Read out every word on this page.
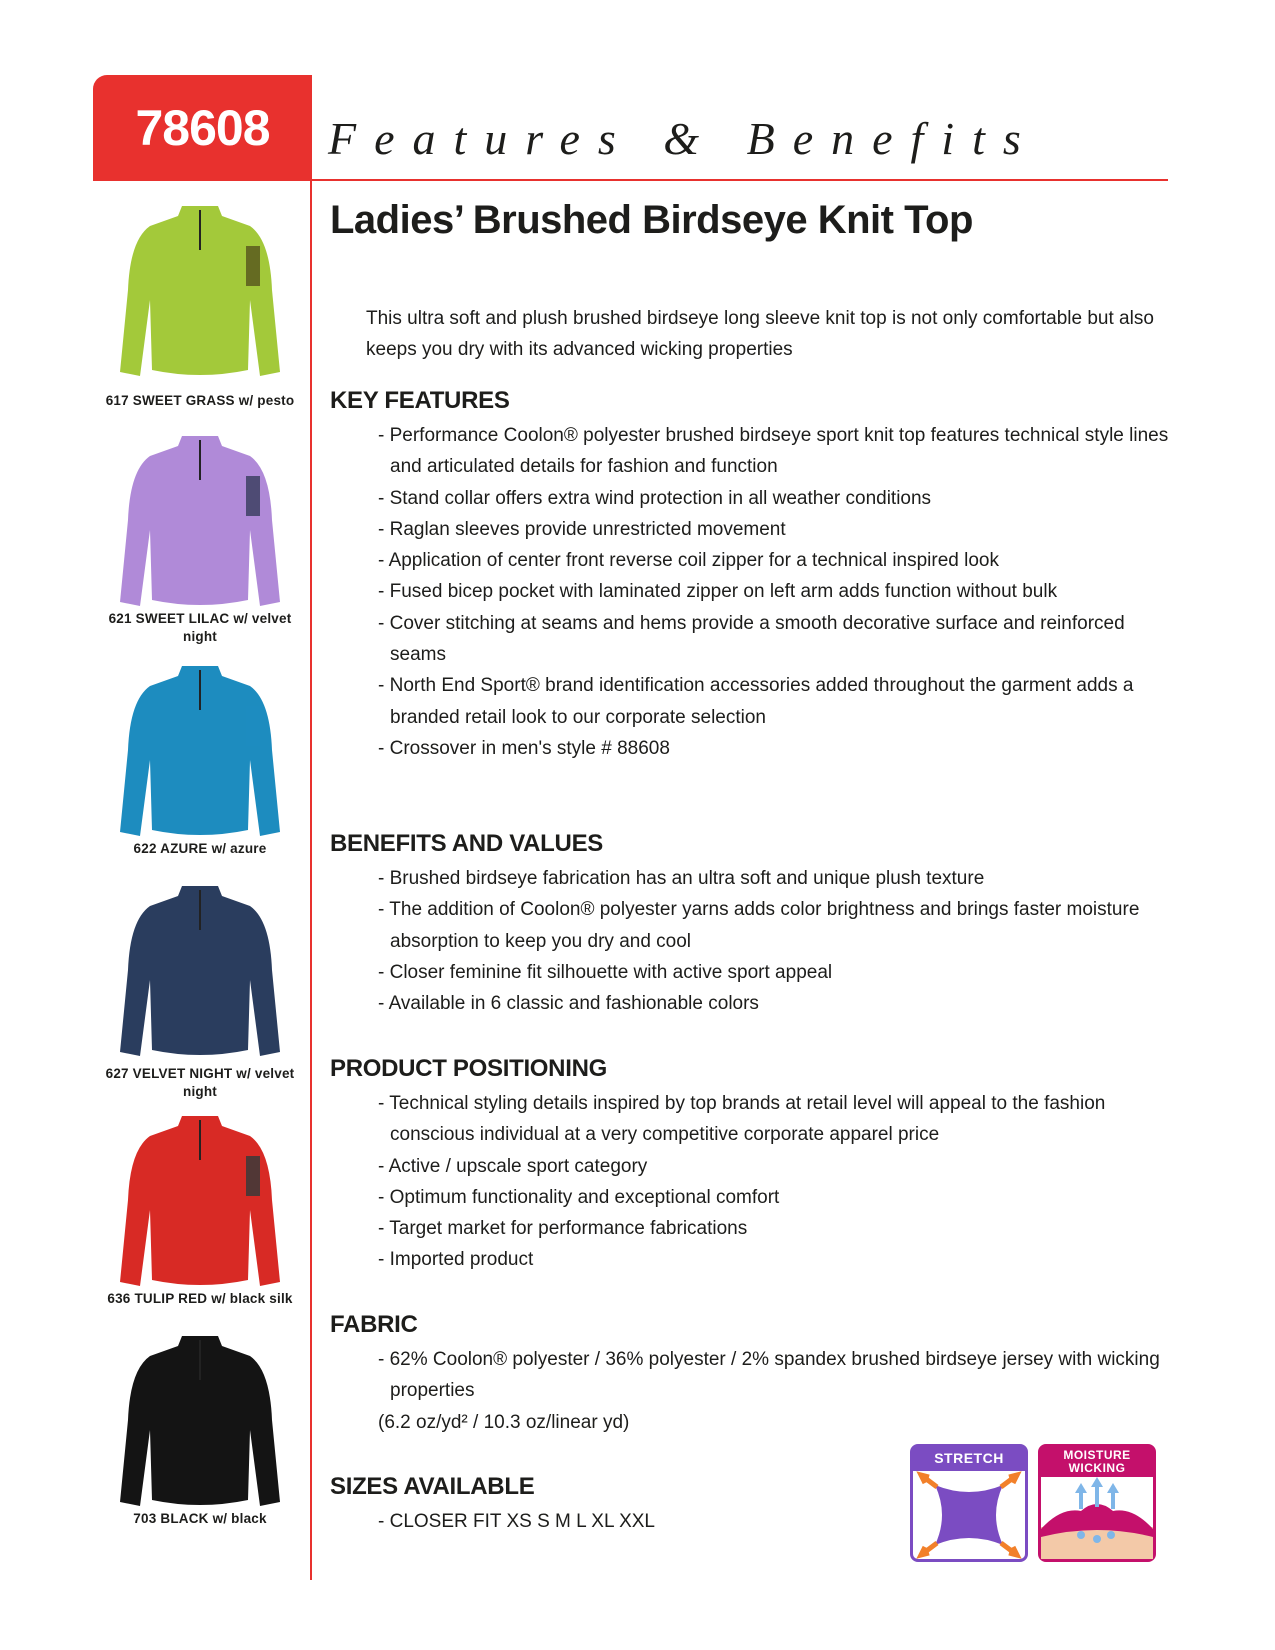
78608	Features & Benefits
Ladies’ Brushed Birdseye Knit Top
This ultra soft and plush brushed birdseye long sleeve knit top is not only comfortable but also keeps you dry with its advanced wicking properties
KEY FEATURES
- Performance Coolon® polyester brushed birdseye sport knit top features technical style lines and articulated details for fashion and function
- Stand collar offers extra wind protection in all weather conditions
- Raglan sleeves provide unrestricted movement
- Application of center front reverse coil zipper for a technical inspired look
- Fused bicep pocket with laminated zipper on left arm adds function without bulk
- Cover stitching at seams and hems provide a smooth decorative surface and reinforced seams
- North End Sport® brand identification accessories added throughout the garment adds a branded retail look to our corporate selection
- Crossover in men's style # 88608
BENEFITS AND VALUES
- Brushed birdseye fabrication has an ultra soft and unique plush texture
- The addition of Coolon® polyester yarns adds color brightness and brings faster moisture absorption to keep you dry and cool
- Closer feminine fit silhouette with active sport appeal
- Available in 6 classic and fashionable colors
PRODUCT POSITIONING
- Technical styling details inspired by top brands at retail level will appeal to the fashion conscious individual at a very competitive corporate apparel price
- Active / upscale sport category
- Optimum functionality and exceptional comfort
- Target market for performance fabrications
- Imported product
FABRIC
- 62% Coolon® polyester / 36% polyester / 2% spandex brushed birdseye jersey with wicking properties
(6.2 oz/yd² / 10.3 oz/linear yd)
SIZES AVAILABLE
- CLOSER FIT XS S M L XL XXL
STRETCH	MOISTURE WICKING
617 SWEET GRASS w/ pesto
621 SWEET LILAC w/ velvet night
622 AZURE w/ azure
627 VELVET NIGHT w/ velvet night
636 TULIP RED w/ black silk
703 BLACK w/ black
